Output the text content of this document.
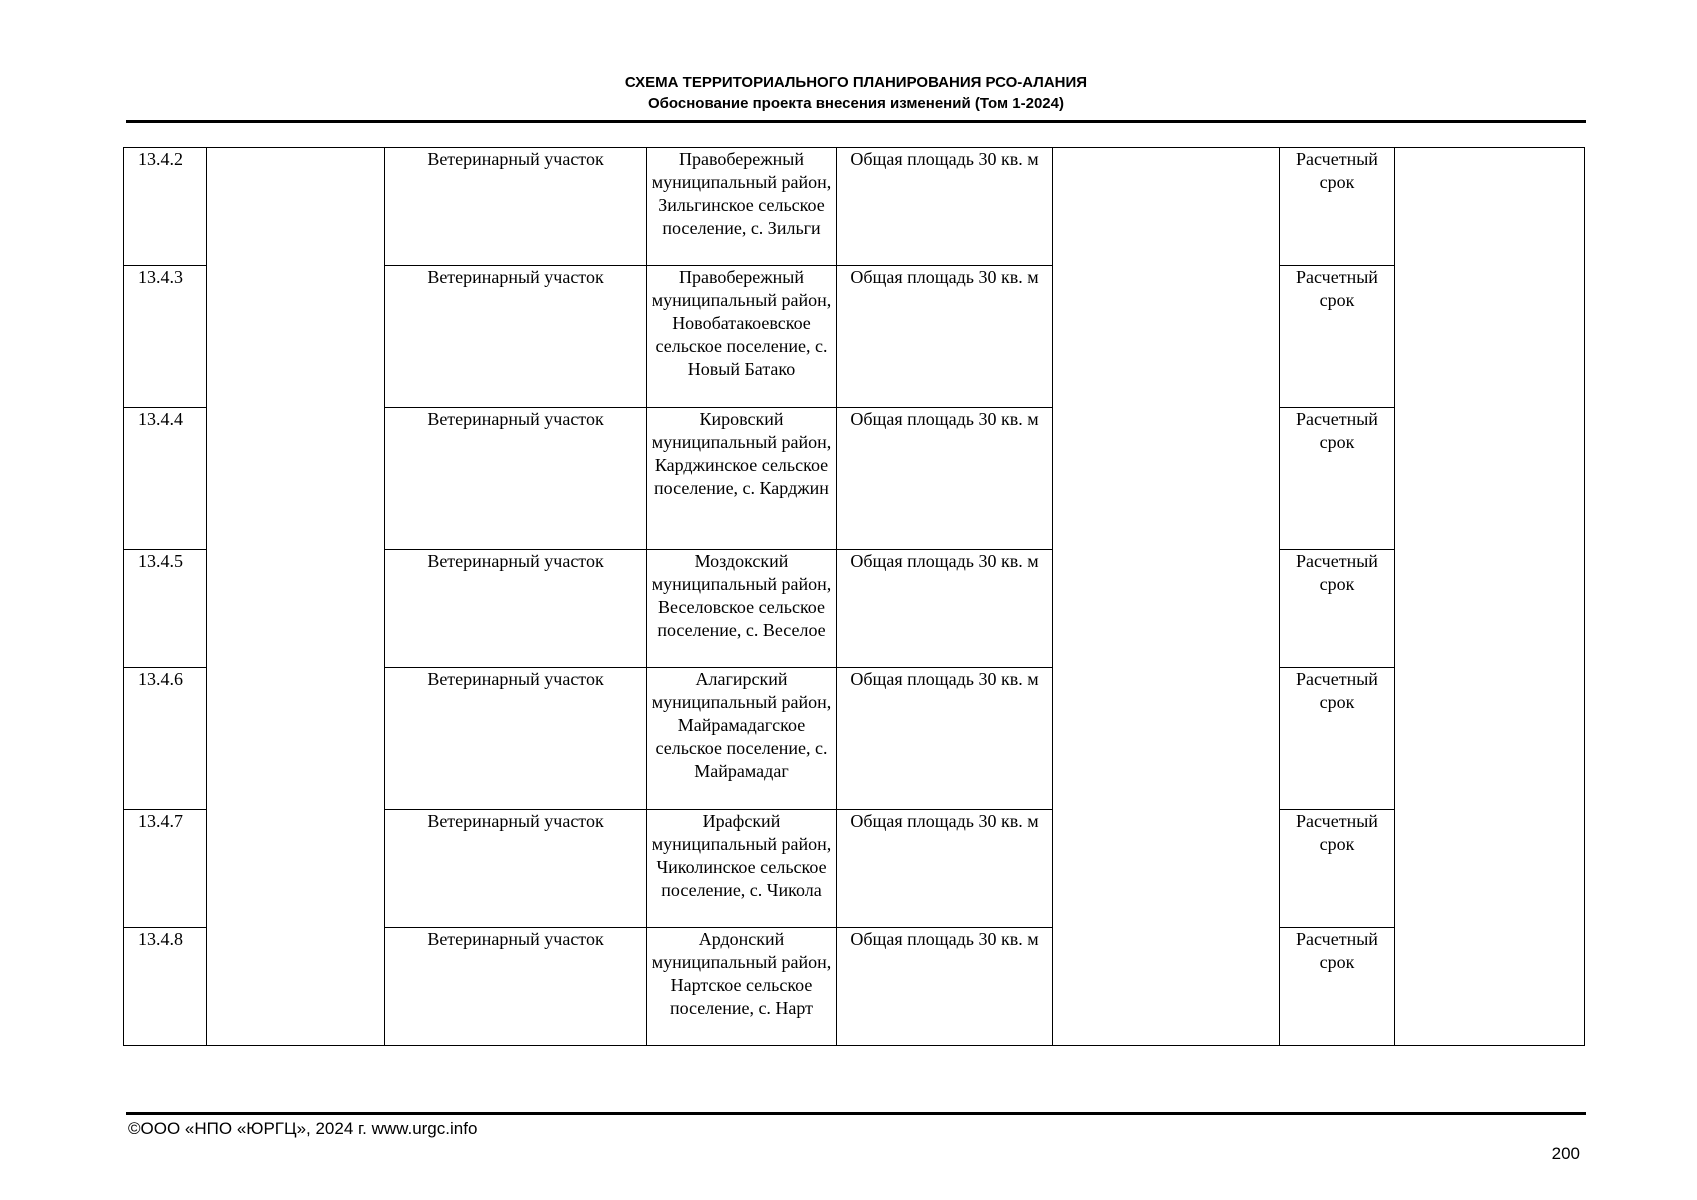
СХЕМА ТЕРРИТОРИАЛЬНОГО ПЛАНИРОВАНИЯ РСО-АЛАНИЯ
Обоснование проекта внесения изменений (Том 1-2024)
13.4.2		Ветеринарный участок	Правобережный муниципальный район, Зильгинское сельское поселение, с. Зильги	Общая площадь 30 кв. м		Расчетный срок	
13.4.3		Ветеринарный участок	Правобережный муниципальный район, Новобатакоевское сельское поселение, с. Новый Батако	Общая площадь 30 кв. м		Расчетный срок	
13.4.4		Ветеринарный участок	Кировский муниципальный район, Карджинское сельское поселение, с. Карджин	Общая площадь 30 кв. м		Расчетный срок	
13.4.5		Ветеринарный участок	Моздокский муниципальный район, Веселовское сельское поселение, с. Веселое	Общая площадь 30 кв. м		Расчетный срок	
13.4.6		Ветеринарный участок	Алагирский муниципальный район, Майрамадагское сельское поселение, с. Майрамадаг	Общая площадь 30 кв. м		Расчетный срок	
13.4.7		Ветеринарный участок	Ирафский муниципальный район, Чиколинское сельское поселение, с. Чикола	Общая площадь 30 кв. м		Расчетный срок	
13.4.8		Ветеринарный участок	Ардонский муниципальный район, Нартское сельское поселение, с. Нарт	Общая площадь 30 кв. м		Расчетный срок	
©ООО «НПО «ЮРГЦ», 2024 г. www.urgc.info
200
